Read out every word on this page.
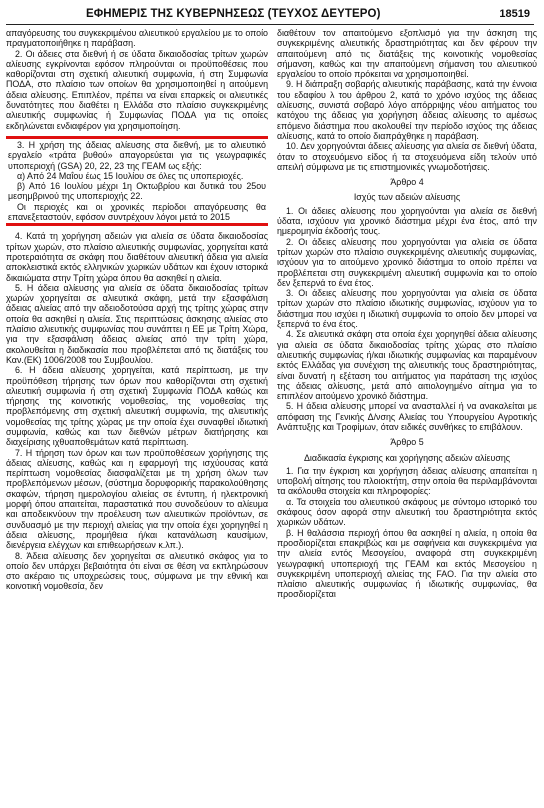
ΕΦΗΜΕΡΙΣ ΤΗΣ ΚΥΒΕΡΝΗΣΕΩΣ (ΤΕΥΧΟΣ ΔΕΥΤΕΡΟ)	18519

απαγόρευσης του συγκεκριμένου αλιευτικού εργαλείου με το οποίο πραγματοποιήθηκε η παράβαση.

2. Οι άδειες στα διεθνή ή σε ύδατα δικαιοδοσίας τρίτων χωρών αλίευσης εγκρίνονται εφόσον πληρούνται οι προϋποθέσεις που καθορίζονται στη σχετική αλιευτική συμφωνία, ή στη Συμφωνία ΠΟΔΑ, στο πλαίσιο των οποίων θα χρησιμοποιηθεί η αιτούμενη άδεια αλίευσης. Επιπλέον, πρέπει να είναι επαρκείς οι αλιευτικές δυνατότητες που διαθέτει η Ελλάδα στο πλαίσιο συγκεκριμένης αλιευτικής συμφωνίας ή Συμφωνίας ΠΟΔΑ για τις οποίες εκδηλώνεται ενδιαφέρον για χρησιμοποίηση.

3. Η χρήση της άδειας αλίευσης στα διεθνή, με το αλιευτικό εργαλείο «τράτα βυθού» απαγορεύεται για τις γεωγραφικές υποπεριοχή (GSA) 20, 22, 23 της ΓΕΑΜ ως εξής:

α) Από 24 Μαΐου έως 15 Ιουλίου σε όλες τις υποπεριοχές.

β) Από 16 Ιουλίου μέχρι 1η Οκτωβρίου και δυτικά του 25ου μεσημβρινού της υποπεριοχής 22.

Οι περιοχές και οι χρονικές περίοδοι απαγόρευσης θα επανεξεταστούν, εφόσον συντρέχουν λόγοι μετά το 2015

4. Κατά τη χορήγηση αδειών για αλιεία σε ύδατα δικαιοδοσίας τρίτων χωρών, στο πλαίσιο αλιευτικής συμφωνίας, χορηγείται κατά προτεραιότητα σε σκάφη που διαθέτουν αλιευτική άδεια για αλιεία αποκλειστικά εκτός ελληνικών χωρικών υδάτων και έχουν ιστορικά δικαιώματα στην Τρίτη χώρα όπου θα ασκηθεί η αλιεία.

5. Η άδεια αλίευσης για αλιεία σε ύδατα δικαιοδοσίας τρίτων χωρών χορηγείται σε αλιευτικά σκάφη, μετά την εξασφάλιση άδειας αλιείας από την αδειοδοτούσα αρχή της τρίτης χώρας στην οποία θα ασκηθεί η αλιεία. Στις περιπτώσεις άσκησης αλιείας στο πλαίσιο αλιευτικής συμφωνίας που συνάπτει η ΕΕ με Τρίτη Χώρα, για την εξασφάλιση άδειας αλιείας από την τρίτη χώρα, ακολουθείται η διαδικασία που προβλέπεται από τις διατάξεις του Καν.(ΕΚ) 1006/2008 του Συμβουλίου.

6. Η άδεια αλίευσης χορηγείται, κατά περίπτωση, με την προϋπόθεση τήρησης των όρων που καθορίζονται στη σχετική αλιευτική συμφωνία ή στη σχετική Συμφωνία ΠΟΔΑ καθώς και τήρησης της κοινοτικής νομοθεσίας, της νομοθεσίας της προβλεπόμενης στη σχετική αλιευτική συμφωνία, της αλιευτικής νομοθεσίας της τρίτης χώρας με την οποία έχει συναφθεί ιδιωτική συμφωνία, καθώς και των διεθνών μέτρων διατήρησης και διαχείρισης ιχθυαποθεμάτων κατά περίπτωση.

7. Η τήρηση των όρων και των προϋποθέσεων χορήγησης της άδειας αλίευσης, καθώς και η εφαρμογή της ισχύουσας κατά περίπτωση νομοθεσίας διασφαλίζεται με τη χρήση όλων των προβλεπόμενων μέσων, (σύστημα δορυφορικής παρακολούθησης σκαφών, τήρηση ημερολογίου αλιείας σε έντυπη, ή ηλεκτρονική μορφή όπου απαιτείται, παραστατικά που συνοδεύουν το αλίευμα και αποδεικνύουν την προέλευση των αλιευτικών προϊόντων, σε συνδυασμό με την περιοχή αλιείας για την οποία έχει χορηγηθεί η άδεια αλίευσης, προμήθεια ή/και κατανάλωση καυσίμων, διενέργεια ελέγχων και επιθεωρήσεων κ.λπ.).

8. Άδεια αλίευσης δεν χορηγείται σε αλιευτικό σκάφος για το οποίο δεν υπάρχει βεβαιότητα ότι είναι σε θέση να εκπληρώσουν στο ακέραιο τις υποχρεώσεις τους, σύμφωνα με την εθνική και κοινοτική νομοθεσία, δεν

διαθέτουν τον απαιτούμενο εξοπλισμό για την άσκηση της συγκεκριμένης αλιευτικής δραστηριότητας και δεν φέρουν την απαιτούμενη από τις διατάξεις της κοινοτικής νομοθεσίας σήμανση, καθώς και την απαιτούμενη σήμανση του αλιευτικού εργαλείου το οποίο πρόκειται να χρησιμοποιηθεί.

9. Η διάπραξη σοβαρής αλιευτικής παράβασης, κατά την έννοια του εδαφίου λ του άρθρου 2, κατά το χρόνο ισχύος της άδειας αλίευσης, συνιστά σοβαρό λόγο απόρριψης νέου αιτήματος του κατόχου της άδειας για χορήγηση άδειας αλίευσης το αμέσως επόμενο διάστημα που ακολουθεί την περίοδο ισχύος της άδειας αλίευσης, κατά το οποίο διαπράχθηκε η παράβαση.

10. Δεν χορηγούνται άδειες αλίευσης για αλιεία σε διεθνή ύδατα, όταν το στοχευόμενο είδος ή τα στοχευόμενα είδη τελούν υπό απειλή σύμφωνα με τις επιστημονικές γνωμοδοτήσεις.

Άρθρο 4

Ισχύς των αδειών αλίευσης

1. Οι άδειες αλίευσης που χορηγούνται για αλιεία σε διεθνή ύδατα, ισχύουν για χρονικό διάστημα μέχρι ένα έτος, από την ημερομηνία έκδοσής τους.

2. Οι άδειες αλίευσης που χορηγούνται για αλιεία σε ύδατα τρίτων χωρών στο πλαίσιο συγκεκριμένης αλιευτικής συμφωνίας, ισχύουν για το αιτούμενο χρονικό διάστημα το οποίο πρέπει να προβλέπεται στη συγκεκριμένη αλιευτική συμφωνία και το οποίο δεν ξεπερνά το ένα έτος.

3. Οι άδειες αλίευσης που χορηγούνται για αλιεία σε ύδατα τρίτων χωρών στο πλαίσιο ιδιωτικής συμφωνίας, ισχύουν για το διάστημα που ισχύει η ιδιωτική συμφωνία το οποίο δεν μπορεί να ξεπερνά το ένα έτος.

4. Σε αλιευτικά σκάφη στα οποία έχει χορηγηθεί άδεια αλίευσης για αλιεία σε ύδατα δικαιοδοσίας τρίτης χώρας στο πλαίσιο αλιευτικής συμφωνίας ή/και ιδιωτικής συμφωνίας και παραμένουν εκτός Ελλάδας για συνέχιση της αλιευτικής τους δραστηριότητας, είναι δυνατή η εξέταση του αιτήματος για παράταση της ισχύος της άδειας αλίευσης, μετά από αιτιολογημένο αίτημα για το επιπλέον αιτούμενο χρονικό διάστημα.

5. Η άδεια αλίευσης μπορεί να ανασταλλεί ή να ανακαλείται με απόφαση της Γενικής Δ/νσης Αλιείας του Υπουργείου Αγροτικής Ανάπτυξης και Τροφίμων, όταν ειδικές συνθήκες το επιβάλουν.

Άρθρο 5

Διαδικασία έγκρισης και χορήγησης αδειών αλίευσης

1. Για την έγκριση και χορήγηση άδειας αλίευσης απαιτείται η υποβολή αίτησης του πλοιοκτήτη, στην οποία θα περιλαμβάνονται τα ακόλουθα στοιχεία και πληροφορίες:

α. Τα στοιχεία του αλιευτικού σκάφους με σύντομο ιστορικό του σκάφους όσον αφορά στην αλιευτική του δραστηριότητα εκτός χωρικών υδάτων.

β. Η θαλάσσια περιοχή όπου θα ασκηθεί η αλιεία, η οποία θα προσδιορίζεται επακριβώς και με σαφήνεια και συγκεκριμένα για την αλιεία εντός Μεσογείου, αναφορά στη συγκεκριμένη γεωγραφική υποπεριοχή της ΓΕΑΜ και εκτός Μεσογείου η συγκεκριμένη υποπεριοχή αλιείας της FAO. Για την αλιεία στο πλαίσιο αλιευτικής συμφωνίας ή ιδιωτικής συμφωνίας, θα προσδιορίζεται
